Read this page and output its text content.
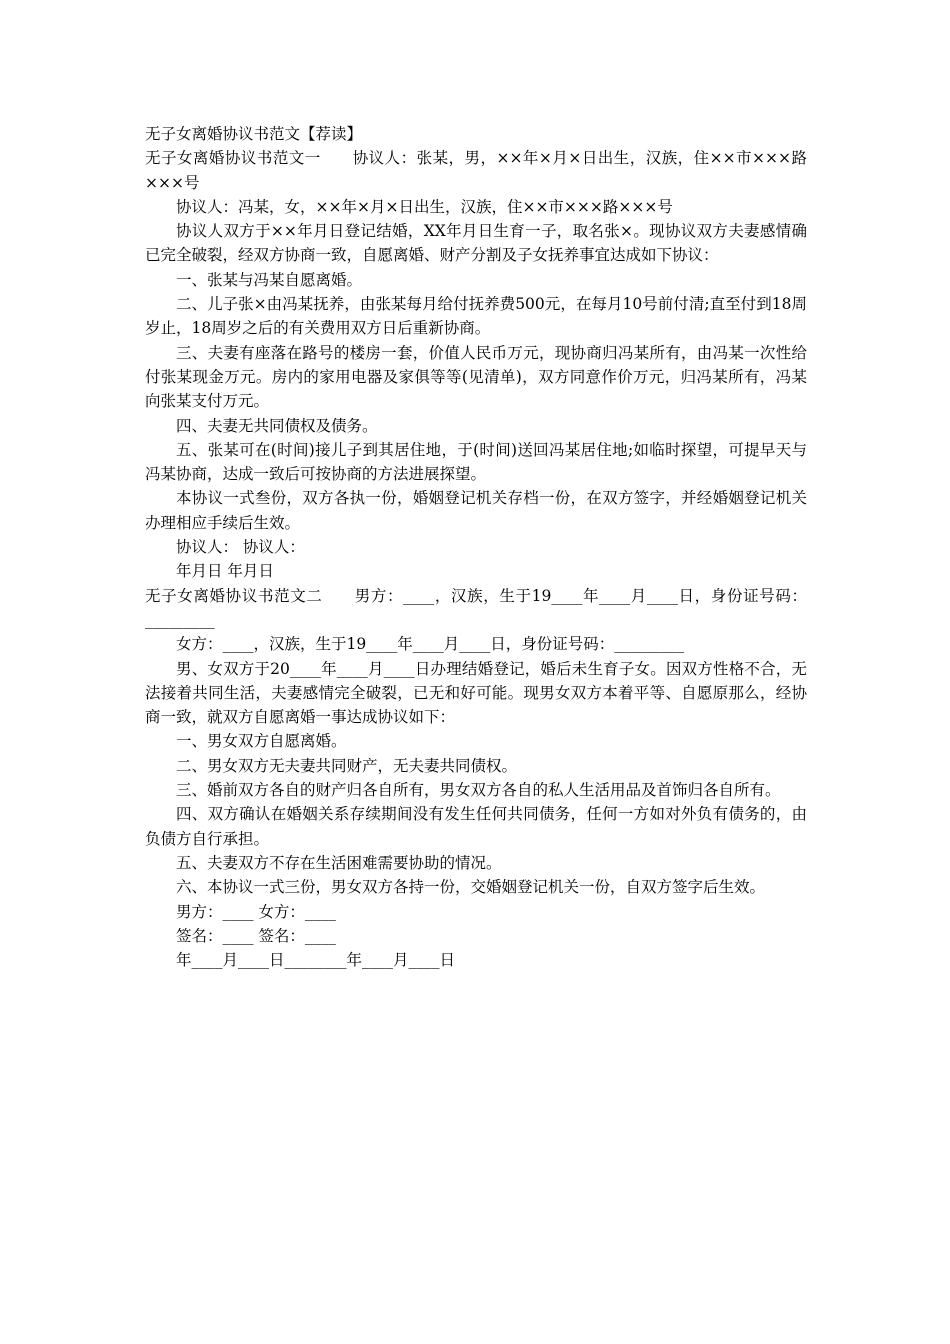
无子女离婚协议书范文【荐读】

无子女离婚协议书范文一　　协议人：张某，男，××年×月×日出生，汉族，住××市×××路×××号

协议人：冯某，女，××年×月×日出生，汉族，住××市×××路×××号

协议人双方于××年月日登记结婚，XX年月日生育一子，取名张×。现协议双方夫妻感情确已完全破裂，经双方协商一致，自愿离婚、财产分割及子女抚养事宜达成如下协议：

一、张某与冯某自愿离婚。

二、儿子张×由冯某抚养，由张某每月给付抚养费500元，在每月10号前付清;直至付到18周岁止，18周岁之后的有关费用双方日后重新协商。

三、夫妻有座落在路号的楼房一套，价值人民币万元，现协商归冯某所有，由冯某一次性给付张某现金万元。房内的家用电器及家俱等等(见清单)，双方同意作价万元，归冯某所有，冯某向张某支付万元。

四、夫妻无共同债权及债务。

五、张某可在(时间)接儿子到其居住地，于(时间)送回冯某居住地;如临时探望，可提早天与冯某协商，达成一致后可按协商的方法进展探望。

本协议一式叁份，双方各执一份，婚姻登记机关存档一份，在双方签字，并经婚姻登记机关办理相应手续后生效。

协议人： 协议人：

年月日 年月日

无子女离婚协议书范文二　　男方：____，汉族，生于19____年____月____日，身份证号码：_________

女方：____，汉族，生于19____年____月____日，身份证号码：_________

男、女双方于20____年____月____日办理结婚登记，婚后未生育子女。因双方性格不合，无法接着共同生活，夫妻感情完全破裂，已无和好可能。现男女双方本着平等、自愿原那么，经协商一致，就双方自愿离婚一事达成协议如下：

一、男女双方自愿离婚。

二、男女双方无夫妻共同财产，无夫妻共同债权。

三、婚前双方各自的财产归各自所有，男女双方各自的私人生活用品及首饰归各自所有。

四、双方确认在婚姻关系存续期间没有发生任何共同债务，任何一方如对外负有债务的，由负债方自行承担。

五、夫妻双方不存在生活困难需要协助的情况。

六、本协议一式三份，男女双方各持一份，交婚姻登记机关一份，自双方签字后生效。

男方：____ 女方：____

签名：____ 签名：____

年____月____日________年____月____日
